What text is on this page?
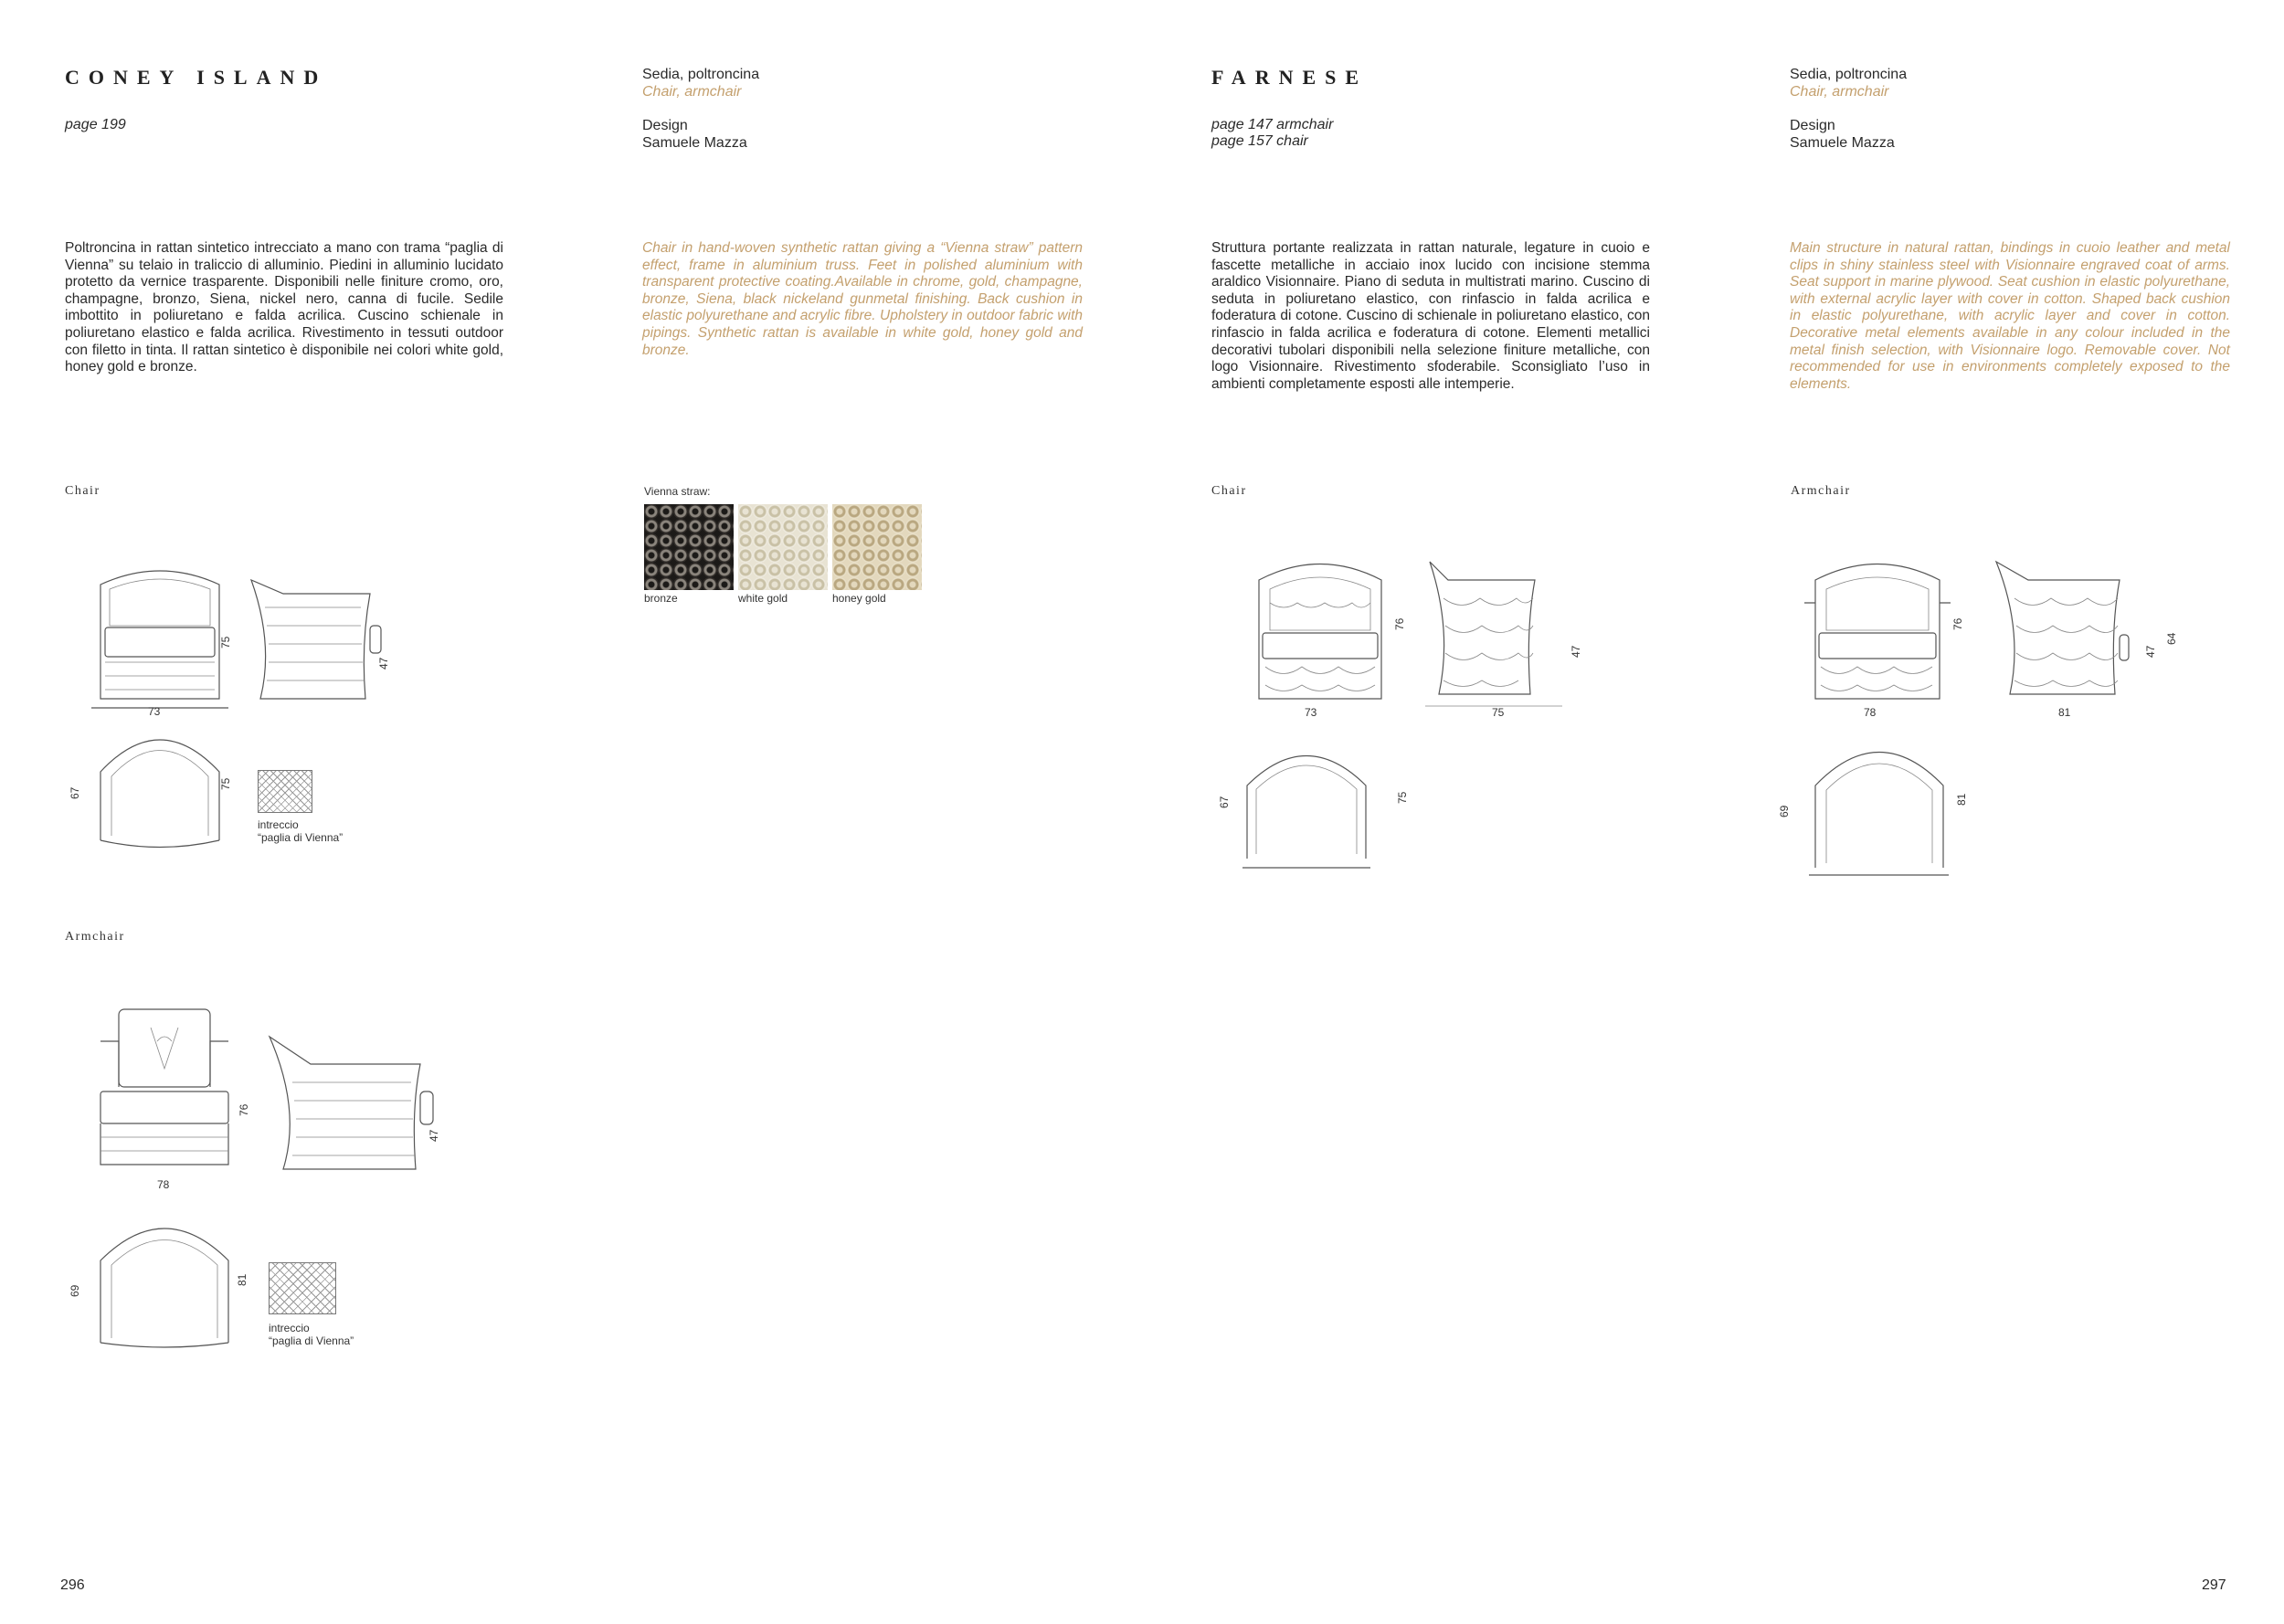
CONEY ISLAND
page 199
Sedia, poltroncina
Chair, armchair
Design
Samuele Mazza
Poltroncina in rattan sintetico intrecciato a mano con trama “paglia di Vienna” su telaio in traliccio di alluminio. Piedini in alluminio lucidato protetto da vernice trasparente. Disponibili nelle finiture cromo, oro, champagne, bronzo, Siena, nickel nero, canna di fucile. Sedile imbottito in poliuretano e falda acrilica. Cuscino schienale in poliuretano elastico e falda acrilica. Rivestimento in tessuti outdoor con filetto in tinta. Il rattan sintetico è disponibile nei colori white gold, honey gold e bronze.
Chair in hand-woven synthetic rattan giving a “Vienna straw” pattern effect, frame in aluminium truss. Feet in polished aluminium with transparent protective coating.Available in chrome, gold, champagne, bronze, Siena, black nickeland gunmetal finishing. Back cushion in elastic polyurethane and acrylic fibre. Upholstery in outdoor fabric with pipings. Synthetic rattan is available in white gold, honey gold and bronze.
Chair
Armchair
Vienna straw:
bronze	white gold	honey gold
73
75
47
67
75
intreccio
“paglia di Vienna”
78
76
47
69
81
intreccio
“paglia di Vienna”
296
FARNESE
page 147 armchair
page 157 chair
Sedia, poltroncina
Chair, armchair
Design
Samuele Mazza
Struttura portante realizzata in rattan naturale, legature in cuoio e fascette metalliche in acciaio inox lucido con incisione stemma araldico Visionnaire. Piano di seduta in multistrati marino. Cuscino di seduta in poliuretano elastico, con rinfascio in falda acrilica e foderatura di cotone. Cuscino di schienale in poliuretano elastico, con rinfascio in falda acrilica e foderatura di cotone. Elementi metallici decorativi tubolari disponibili nella selezione finiture metalliche, con logo Visionnaire. Rivestimento sfoderabile. Sconsigliato l’uso in ambienti completamente esposti alle intemperie.
Main structure in natural rattan, bindings in cuoio leather and metal clips in shiny stainless steel with Visionnaire engraved coat of arms. Seat support in marine plywood. Seat cushion in elastic polyurethane, with external acrylic layer with cover in cotton. Shaped back cushion in elastic polyurethane, with acrylic layer and cover in cotton. Decorative metal elements available in any colour included in the metal finish selection, with Visionnaire logo. Removable cover. Not recommended for use in environments completely exposed to the elements.
Chair	Armchair
73
76
75
47
67	75
78
76
81
47
64
69
81
297
